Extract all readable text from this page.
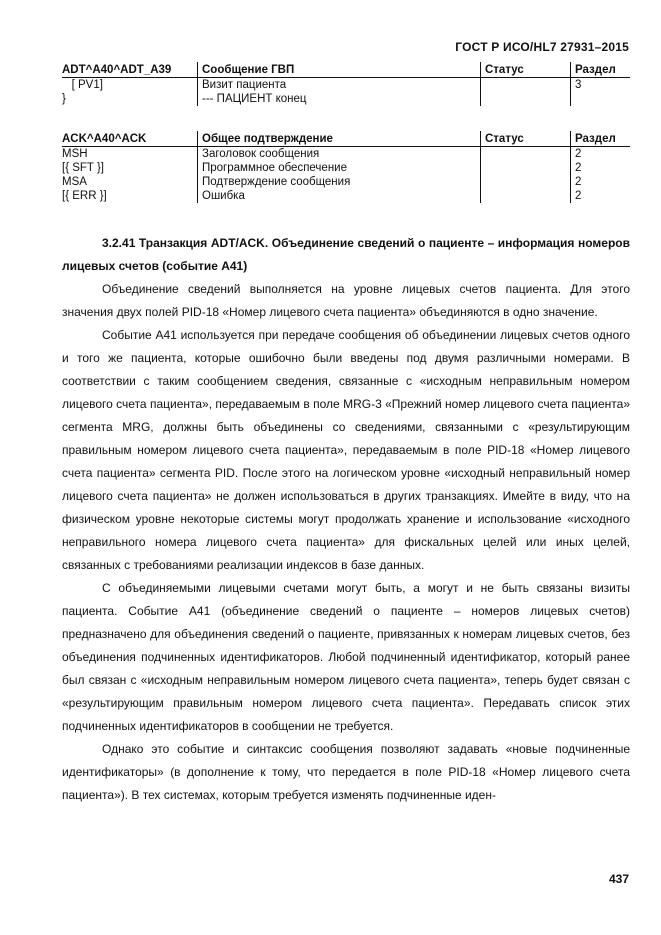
ГОСТ Р ИСО/HL7 27931–2015
ADT^A40^ADT_A39	Сообщение ГВП	Статус	Раздел
[ PV1]	Визит пациента		3
}	--- ПАЦИЕНТ конец		
ACK^A40^ACK	Общее подтверждение	Статус	Раздел
MSH	Заголовок сообщения		2
[{ SFT }]	Программное обеспечение		2
MSA	Подтверждение сообщения		2
[{ ERR }]	Ошибка		2
3.2.41 Транзакция ADT/ACK. Объединение сведений о пациенте – информация номеров лицевых счетов (событие A41)

Объединение сведений выполняется на уровне лицевых счетов пациента. Для этого значения двух полей PID-18 «Номер лицевого счета пациента» объединяются в одно значение.

Событие A41 используется при передаче сообщения об объединении лицевых счетов одного и того же пациента, которые ошибочно были введены под двумя различными номерами. В соответствии с таким сообщением сведения, связанные с «исходным неправильным номером лицевого счета пациента», передаваемым в поле MRG-3 «Прежний номер лицевого счета пациента» сегмента MRG, должны быть объединены со сведениями, связанными с «результирующим правильным номером лицевого счета пациента», передаваемым в поле PID-18 «Номер лицевого счета пациента» сегмента PID. После этого на логическом уровне «исходный неправильный номер лицевого счета пациента» не должен использоваться в других транзакциях. Имейте в виду, что на физическом уровне некоторые системы могут продолжать хранение и использование «исходного неправильного номера лицевого счета пациента» для фискальных целей или иных целей, связанных с требованиями реализации индексов в базе данных.

С объединяемыми лицевыми счетами могут быть, а могут и не быть связаны визиты пациента. Событие A41 (объединение сведений о пациенте – номеров лицевых счетов) предназначено для объединения сведений о пациенте, привязанных к номерам лицевых счетов, без объединения подчиненных идентификаторов. Любой подчиненный идентификатор, который ранее был связан с «исходным неправильным номером лицевого счета пациента», теперь будет связан с «результирующим правильным номером лицевого счета пациента». Передавать список этих подчиненных идентификаторов в сообщении не требуется.

Однако это событие и синтаксис сообщения позволяют задавать «новые подчиненные идентификаторы» (в дополнение к тому, что передается в поле PID-18 «Номер лицевого счета пациента»). В тех системах, которым требуется изменять подчиненные иден-

437
